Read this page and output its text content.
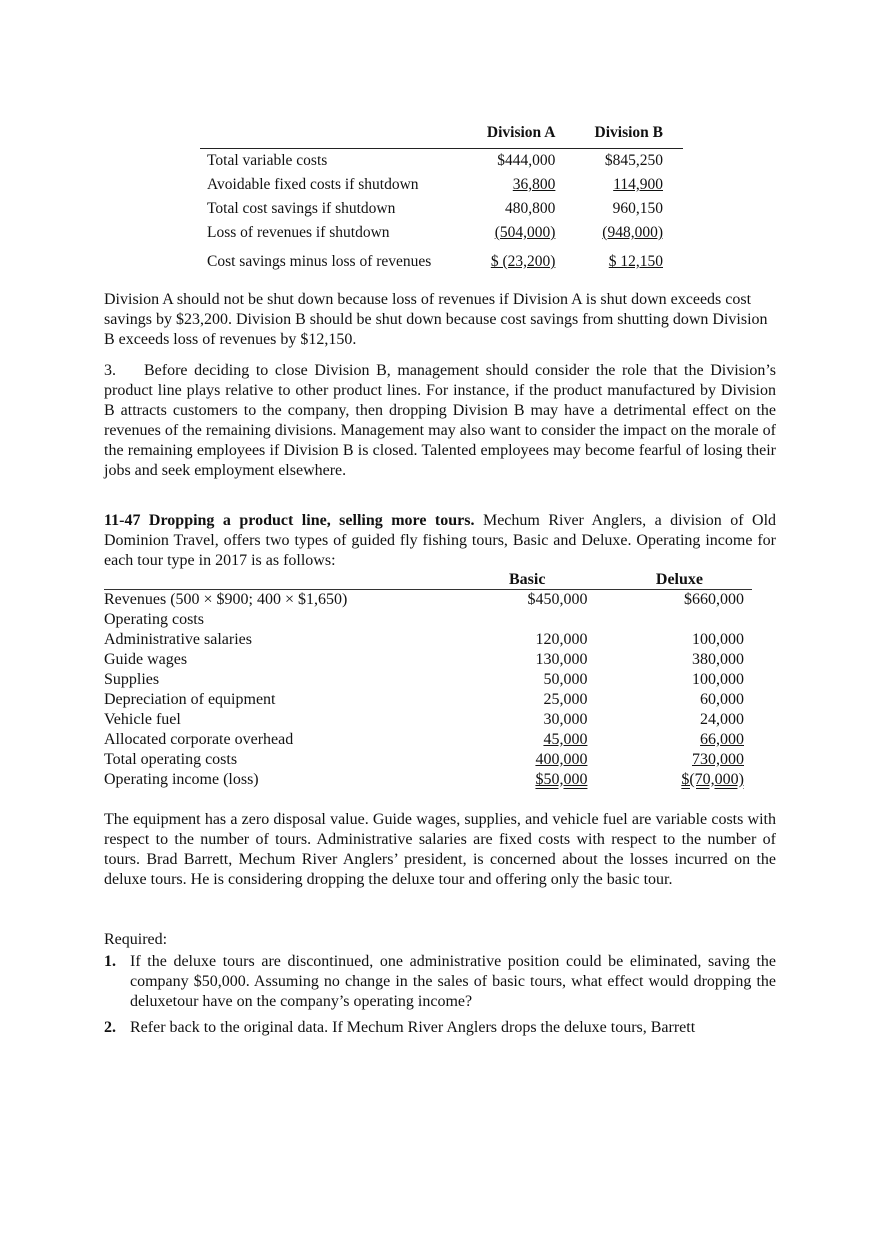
	Division A	Division B
Total variable costs	$444,000	$845,250
Avoidable fixed costs if shutdown	36,800	114,900
Total cost savings if shutdown	480,800	960,150
Loss of revenues if shutdown	(504,000)	(948,000)
Cost savings minus loss of revenues	$ (23,200)	$ 12,150

Division A should not be shut down because loss of revenues if Division A is shut down exceeds cost savings by $23,200. Division B should be shut down because cost savings from shutting down Division B exceeds loss of revenues by $12,150.

3. Before deciding to close Division B, management should consider the role that the Division’s product line plays relative to other product lines. For instance, if the product manufactured by Division B attracts customers to the company, then dropping Division B may have a detrimental effect on the revenues of the remaining divisions. Management may also want to consider the impact on the morale of the remaining employees if Division B is closed. Talented employees may become fearful of losing their jobs and seek employment elsewhere.

11-47 Dropping a product line, selling more tours. Mechum River Anglers, a division of Old Dominion Travel, offers two types of guided fly fishing tours, Basic and Deluxe. Operating income for each tour type in 2017 is as follows:

	Basic	Deluxe
Revenues (500 × $900; 400 × $1,650)	$450,000	$660,000
Operating costs		
Administrative salaries	120,000	100,000
Guide wages	130,000	380,000
Supplies	50,000	100,000
Depreciation of equipment	25,000	60,000
Vehicle fuel	30,000	24,000
Allocated corporate overhead	45,000	66,000
Total operating costs	400,000	730,000
Operating income (loss)	$50,000	$(70,000)

The equipment has a zero disposal value. Guide wages, supplies, and vehicle fuel are variable costs with respect to the number of tours. Administrative salaries are fixed costs with respect to the number of tours. Brad Barrett, Mechum River Anglers’ president, is concerned about the losses incurred on the deluxe tours. He is considering dropping the deluxe tour and offering only the basic tour.

Required:

1. If the deluxe tours are discontinued, one administrative position could be eliminated, saving the company $50,000. Assuming no change in the sales of basic tours, what effect would dropping the deluxetour have on the company’s operating income?
2. Refer back to the original data. If Mechum River Anglers drops the deluxe tours, Barrett
